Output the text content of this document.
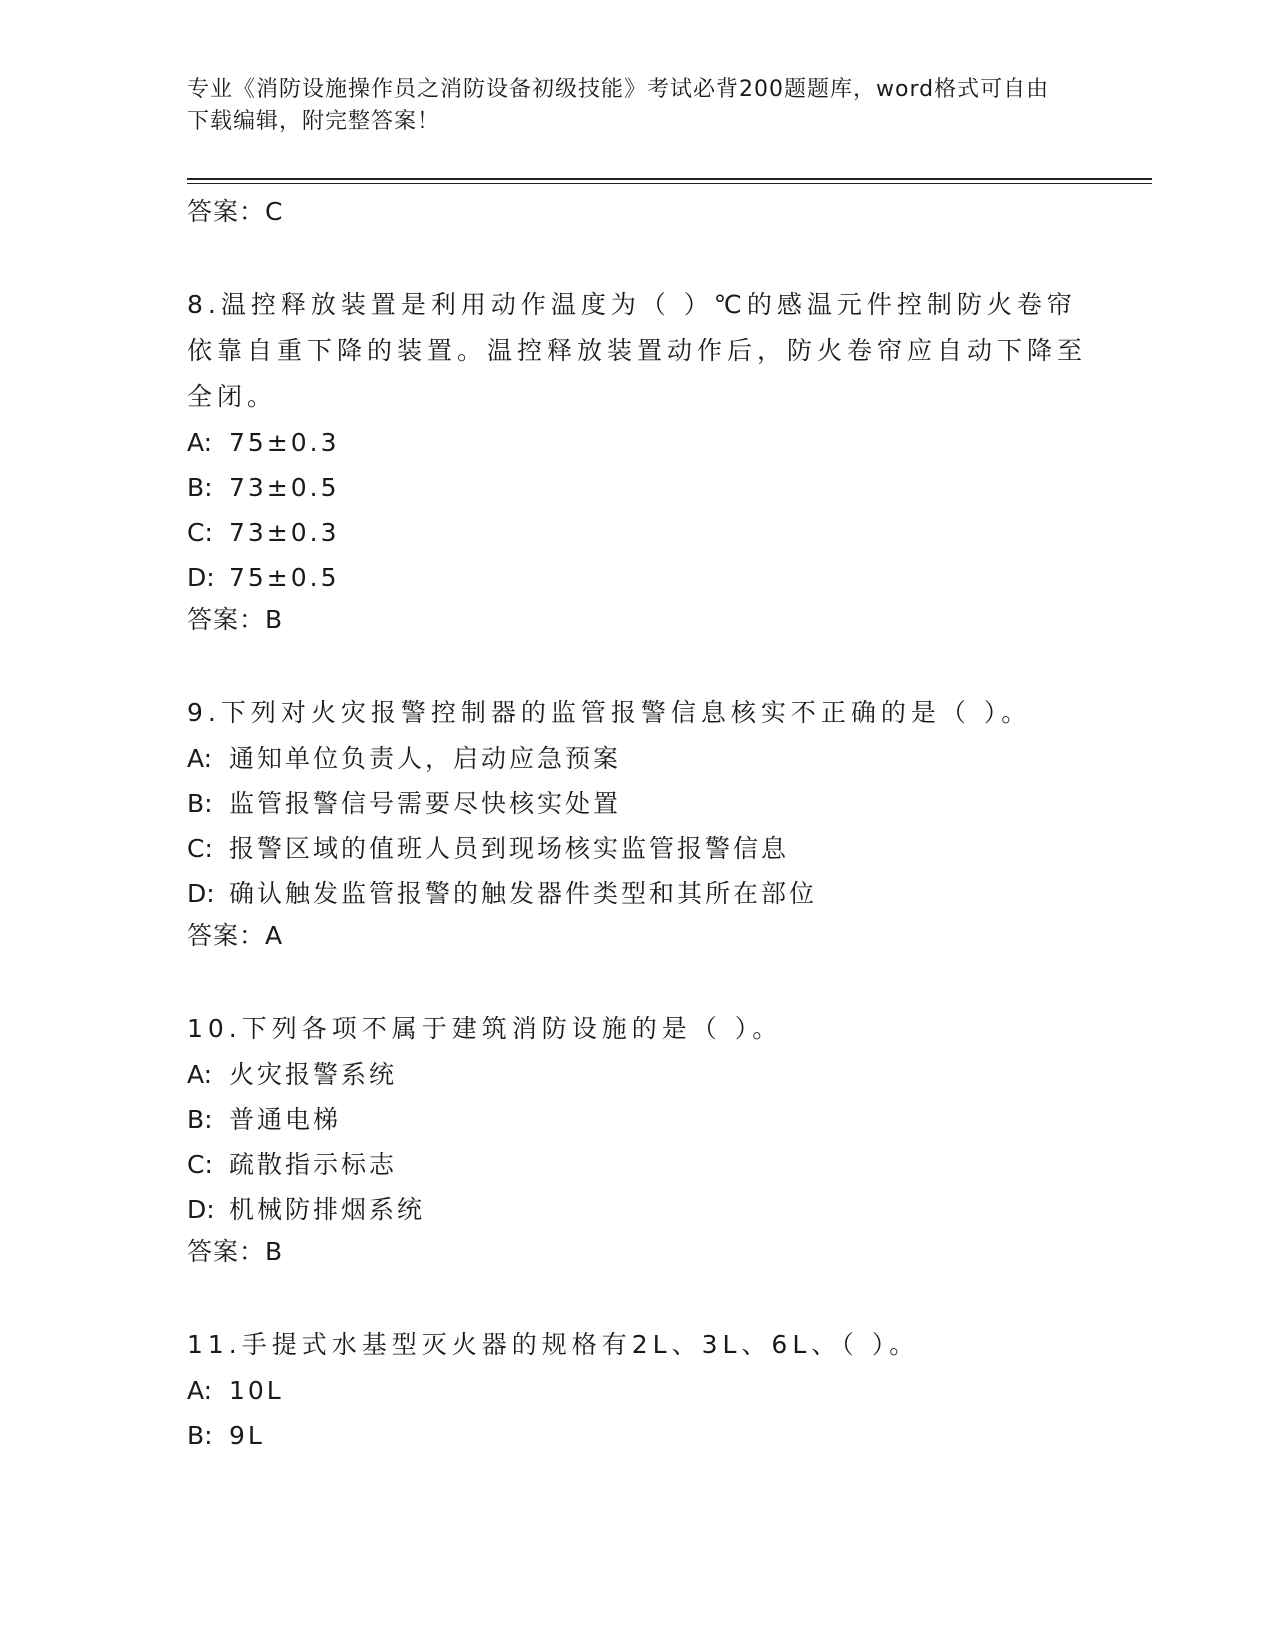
专业《消防设施操作员之消防设备初级技能》考试必背200题题库，word格式可自由下载编辑，附完整答案！
答案：C
8.温控释放装置是利用动作温度为（ ）℃的感温元件控制防火卷帘依靠自重下降的装置。温控释放装置动作后，防火卷帘应自动下降至全闭。
A: 75±0.3
B: 73±0.5
C: 73±0.3
D: 75±0.5
答案：B
9.下列对火灾报警控制器的监管报警信息核实不正确的是（ ）。
A: 通知单位负责人，启动应急预案
B: 监管报警信号需要尽快核实处置
C: 报警区域的值班人员到现场核实监管报警信息
D: 确认触发监管报警的触发器件类型和其所在部位
答案：A
10.下列各项不属于建筑消防设施的是（ ）。
A: 火灾报警系统
B: 普通电梯
C: 疏散指示标志
D: 机械防排烟系统
答案：B
11.手提式水基型灭火器的规格有2L、3L、6L、（ ）。
A: 10L
B: 9L
